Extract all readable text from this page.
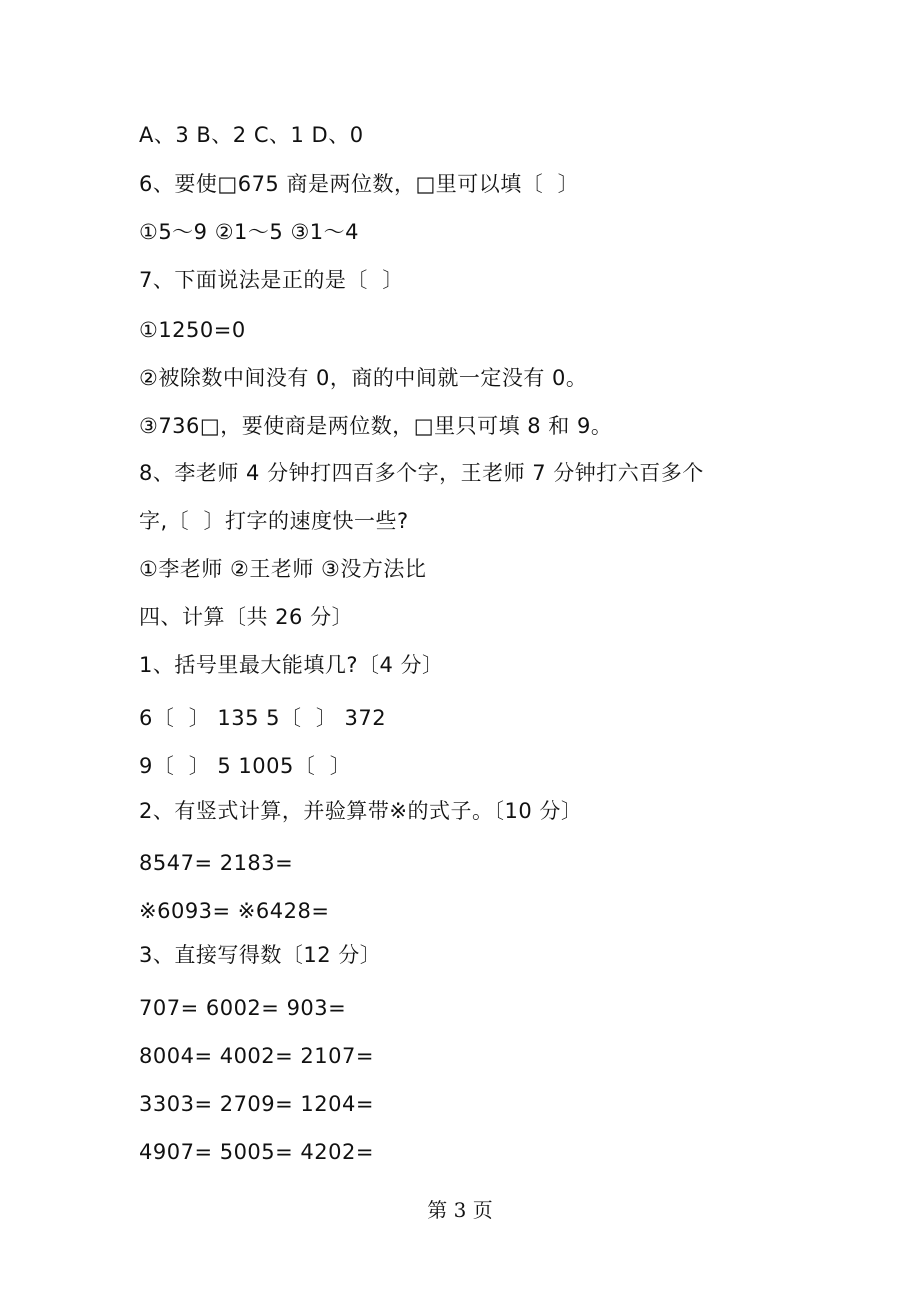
A、3 B、2 C、1 D、0
6、要使□675 商是两位数，□里可以填〔  〕
①5～9 ②1～5 ③1～4
7、下面说法是正的是〔  〕
①1250=0
②被除数中间没有 0，商的中间就一定没有 0。
③736□，要使商是两位数，□里只可填 8 和 9。
8、李老师 4 分钟打四百多个字，王老师 7 分钟打六百多个
字,〔  〕打字的速度快一些?
①李老师 ②王老师 ③没方法比
四、计算〔共 26 分〕
1、括号里最大能填几?〔4 分〕
6〔  〕 135 5〔  〕 372
9〔  〕 5 1005〔  〕
2、有竖式计算，并验算带※的式子。〔10 分〕
8547= 2183=
※6093= ※6428=
3、直接写得数〔12 分〕
707= 6002= 903=
8004= 4002= 2107=
3303= 2709= 1204=
4907= 5005= 4202=
第 3 页
